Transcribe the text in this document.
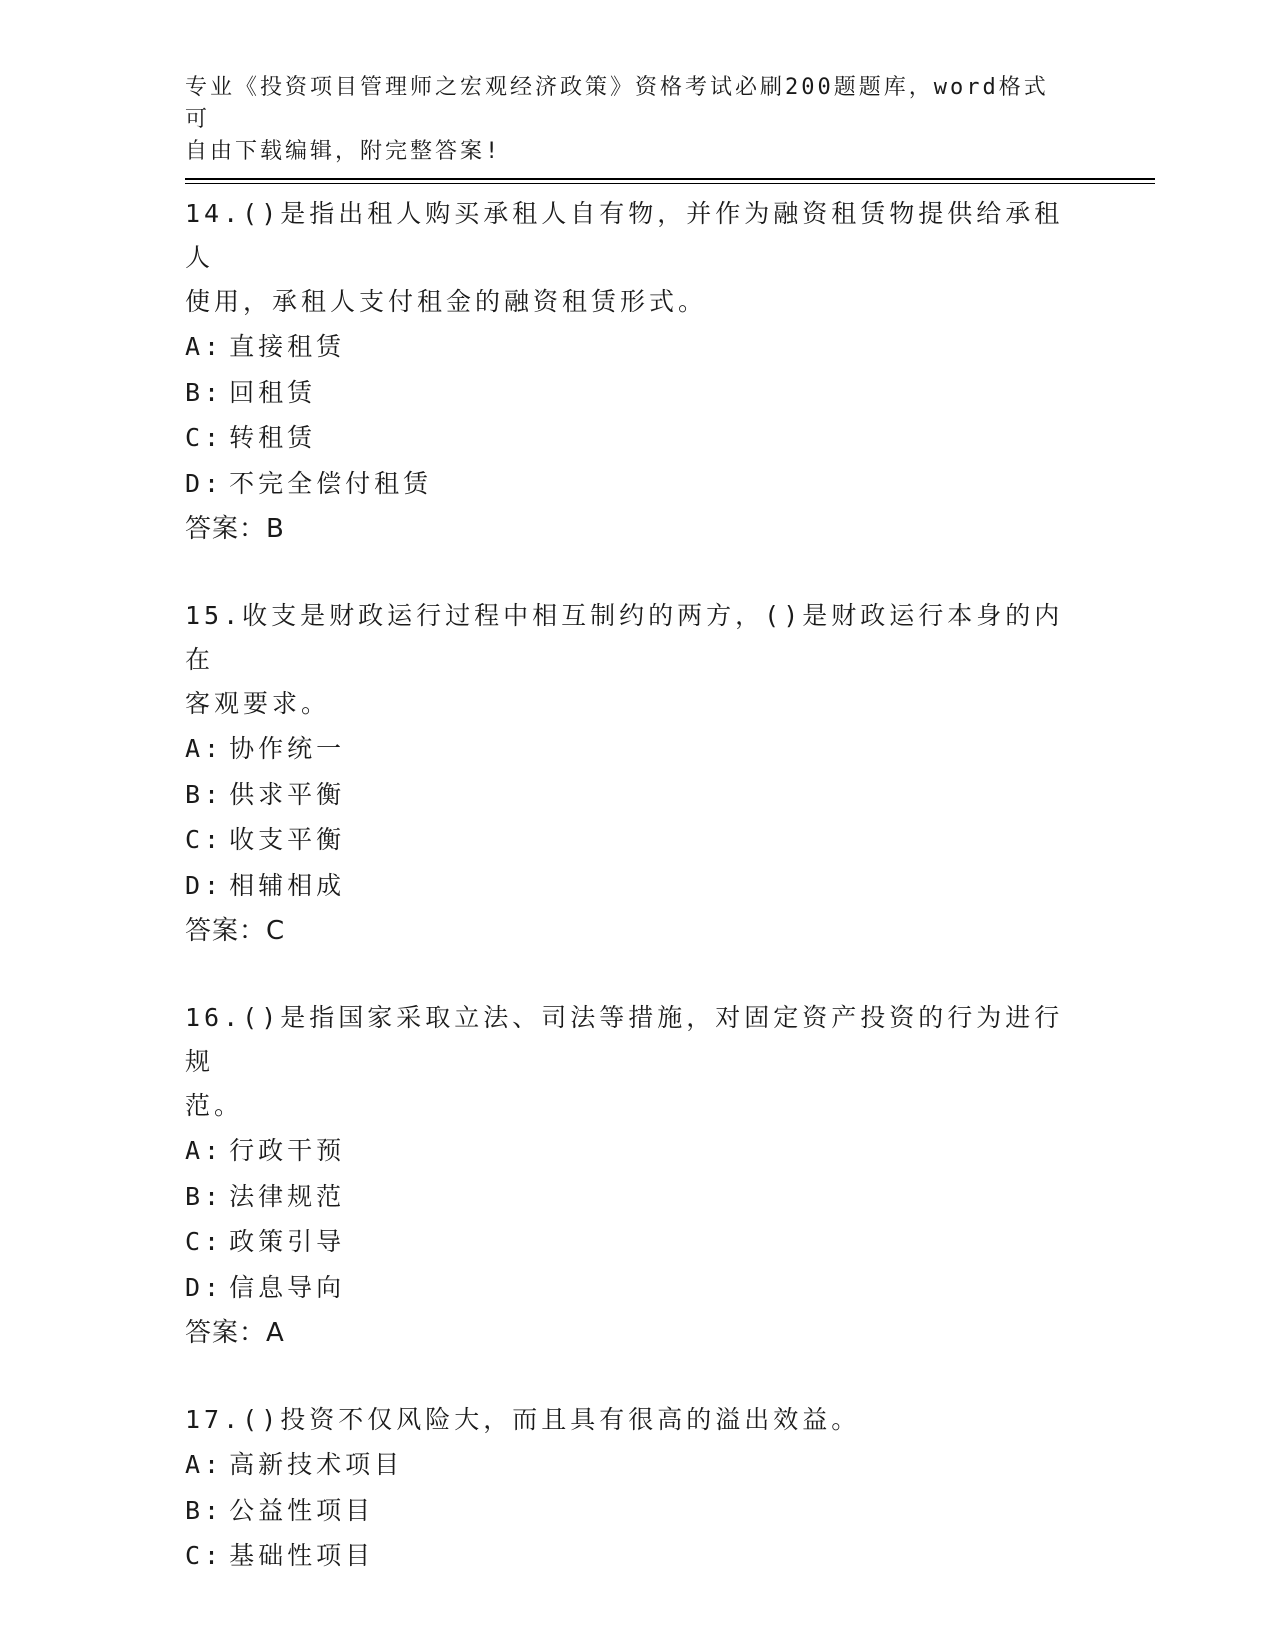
专业《投资项目管理师之宏观经济政策》资格考试必刷200题题库，word格式可
自由下载编辑，附完整答案!
14.()是指出租人购买承租人自有物，并作为融资租赁物提供给承租人
使用，承租人支付租金的融资租赁形式。
A: 直接租赁
B: 回租赁
C: 转租赁
D: 不完全偿付租赁
答案：B
15.收支是财政运行过程中相互制约的两方，()是财政运行本身的内在
客观要求。
A: 协作统一
B: 供求平衡
C: 收支平衡
D: 相辅相成
答案：C
16.()是指国家采取立法、司法等措施，对固定资产投资的行为进行规
范。
A: 行政干预
B: 法律规范
C: 政策引导
D: 信息导向
答案：A
17.()投资不仅风险大，而且具有很高的溢出效益。
A: 高新技术项目
B: 公益性项目
C: 基础性项目
